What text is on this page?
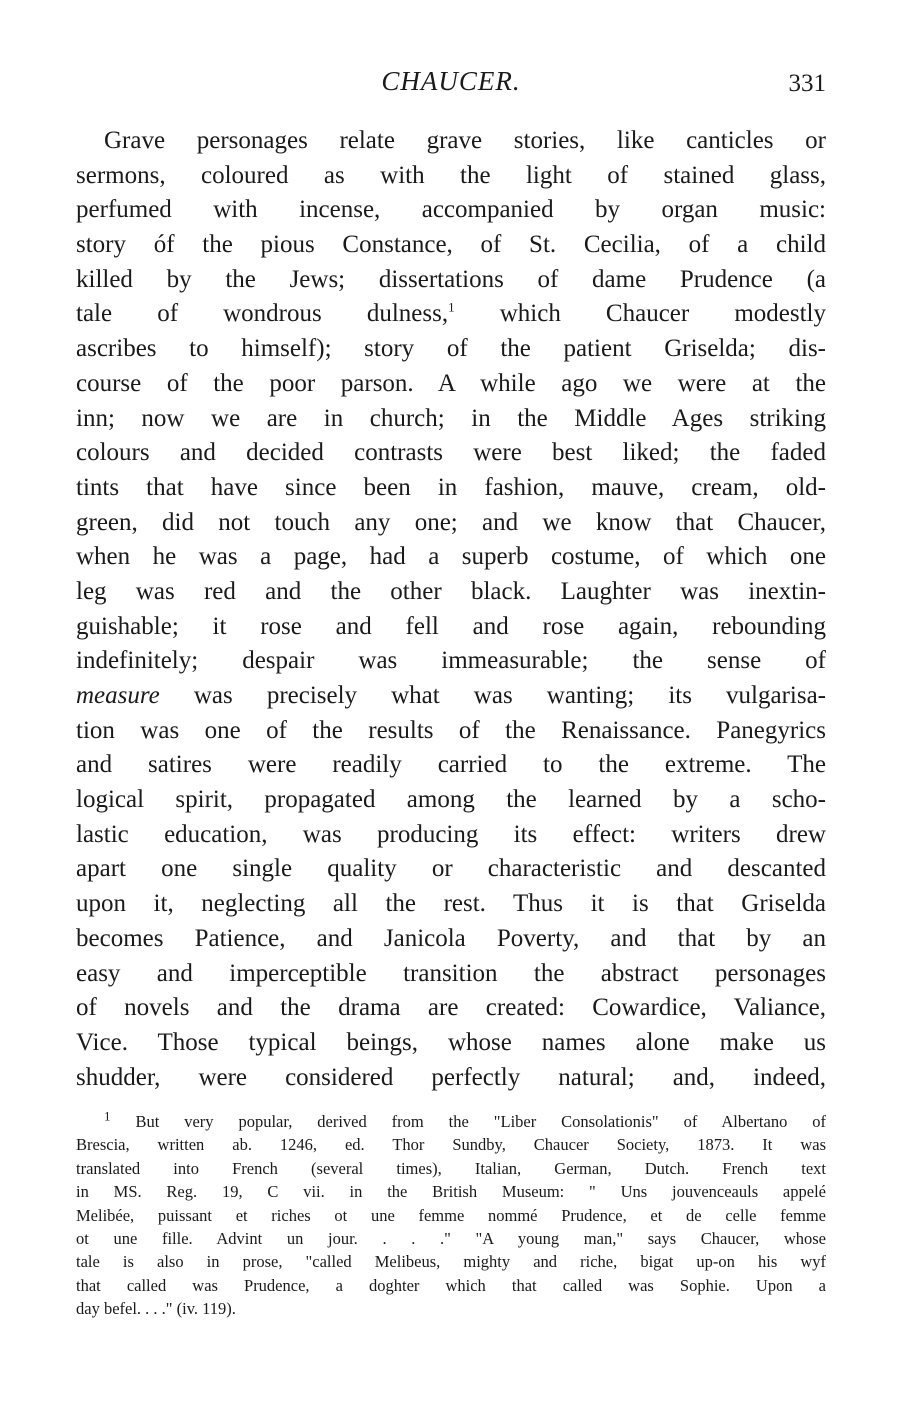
CHAUCER.	331
Grave personages relate grave stories, like canticles or
sermons, coloured as with the light of stained glass,
perfumed with incense, accompanied by organ music:
story óf the pious Constance, of St. Cecilia, of a child
killed by the Jews; dissertations of dame Prudence (a
tale of wondrous dulness,$^1$ which Chaucer modestly
ascribes to himself); story of the patient Griselda; dis-
course of the poor parson. A while ago we were at the
inn; now we are in church; in the Middle Ages striking
colours and decided contrasts were best liked; the faded
tints that have since been in fashion, mauve, cream, old-
green, did not touch any one; and we know that Chaucer,
when he was a page, had a superb costume, of which one
leg was red and the other black. Laughter was inextin-
guishable; it rose and fell and rose again, rebounding
indefinitely; despair was immeasurable; the sense of
measure was precisely what was wanting; its vulgarisa-
tion was one of the results of the Renaissance. Panegyrics
and satires were readily carried to the extreme. The
logical spirit, propagated among the learned by a scho-
lastic education, was producing its effect: writers drew
apart one single quality or characteristic and descanted
upon it, neglecting all the rest. Thus it is that Griselda
becomes Patience, and Janicola Poverty, and that by an
easy and imperceptible transition the abstract personages
of novels and the drama are created: Cowardice, Valiance,
Vice. Those typical beings, whose names alone make us
shudder, were considered perfectly natural; and, indeed,
$^1$ But very popular, derived from the "Liber Consolationis" of Albertano of
Brescia, written ab. 1246, ed. Thor Sundby, Chaucer Society, 1873. It was
translated into French (several times), Italian, German, Dutch. French text
in MS. Reg. 19, C vii. in the British Museum: " Uns jouvenceauls appelé
Melibée, puissant et riches ot une femme nommé Prudence, et de celle femme
ot une fille. Advint un jour. . . ." "A young man," says Chaucer, whose
tale is also in prose, "called Melibeus, mighty and riche, bigat up-on his wyf
that called was Prudence, a doghter which that called was Sophie. Upon a
day befel. . . ." (iv. 119).
